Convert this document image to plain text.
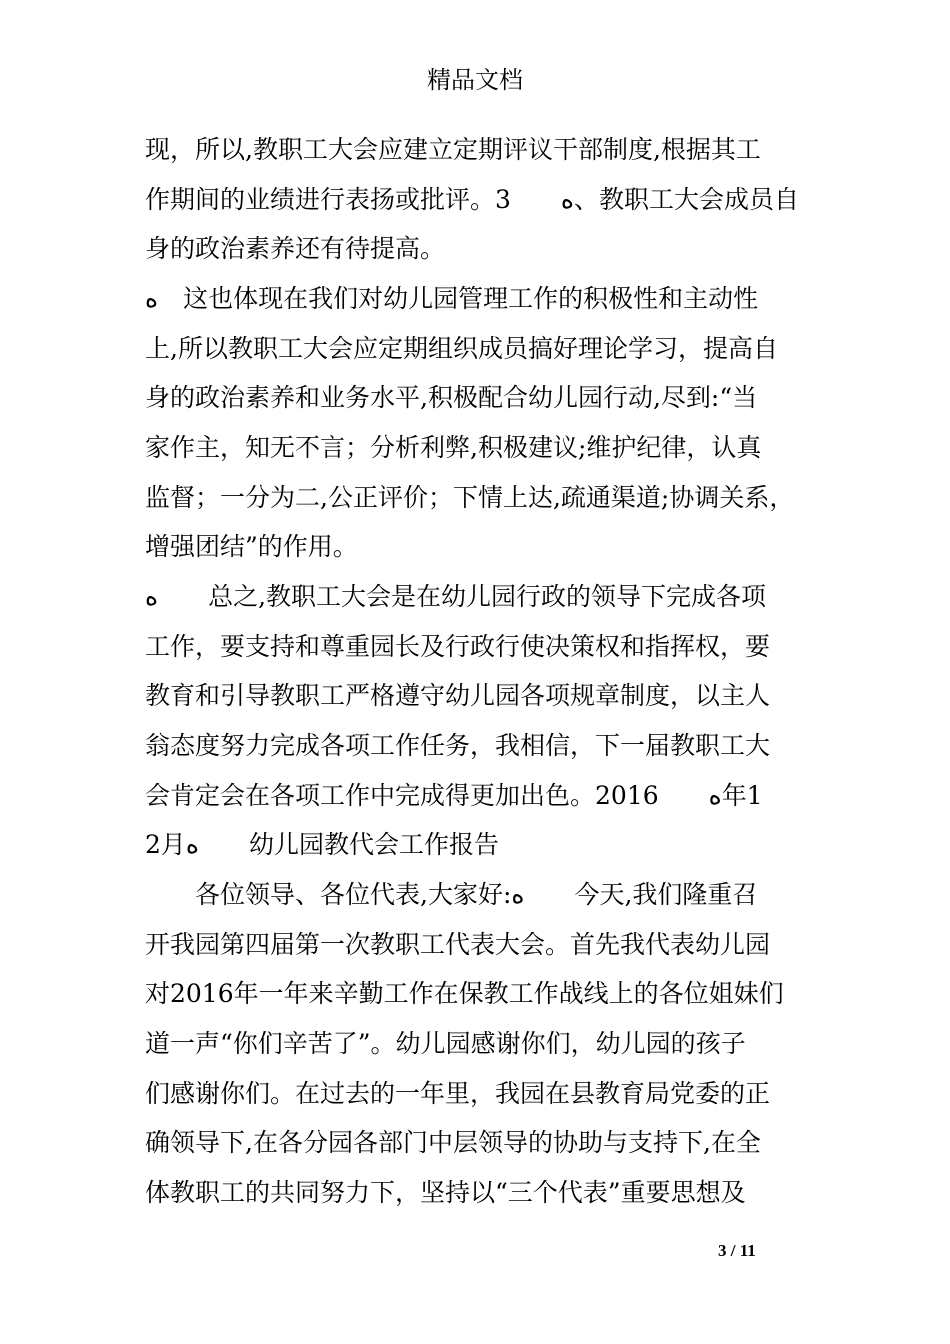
精品文档
现，所以,教职工大会应建立定期评议干部制度,根据其工
作期间的业绩进行表扬或批评。3　　ﻩ、教职工大会成员自
身的政治素养还有待提高。
ﻩ　这也体现在我们对幼儿园管理工作的积极性和主动性
上,所以教职工大会应定期组织成员搞好理论学习，提高自
身的政治素养和业务水平,积极配合幼儿园行动,尽到:“当
家作主，知无不言；分析利弊,积极建议;维护纪律，认真
监督；一分为二,公正评价；下情上达,疏通渠道;协调关系，
增强团结”的作用。
ﻩ　　总之,教职工大会是在幼儿园行政的领导下完成各项
工作，要支持和尊重园长及行政行使决策权和指挥权，要
教育和引导教职工严格遵守幼儿园各项规章制度，以主人
翁态度努力完成各项工作任务，我相信，下一届教职工大
会肯定会在各项工作中完成得更加出色。2016　　ﻩ年1
2月ﻩ　　幼儿园教代会工作报告
　　各位领导、各位代表,大家好:ﻩ　　今天,我们隆重召
开我园第四届第一次教职工代表大会。首先我代表幼儿园
对2016年一年来辛勤工作在保教工作战线上的各位姐妹们
道一声“你们辛苦了”。幼儿园感谢你们，幼儿园的孩子
们感谢你们。在过去的一年里，我园在县教育局党委的正
确领导下,在各分园各部门中层领导的协助与支持下,在全
体教职工的共同努力下，坚持以“三个代表”重要思想及
3 / 11
